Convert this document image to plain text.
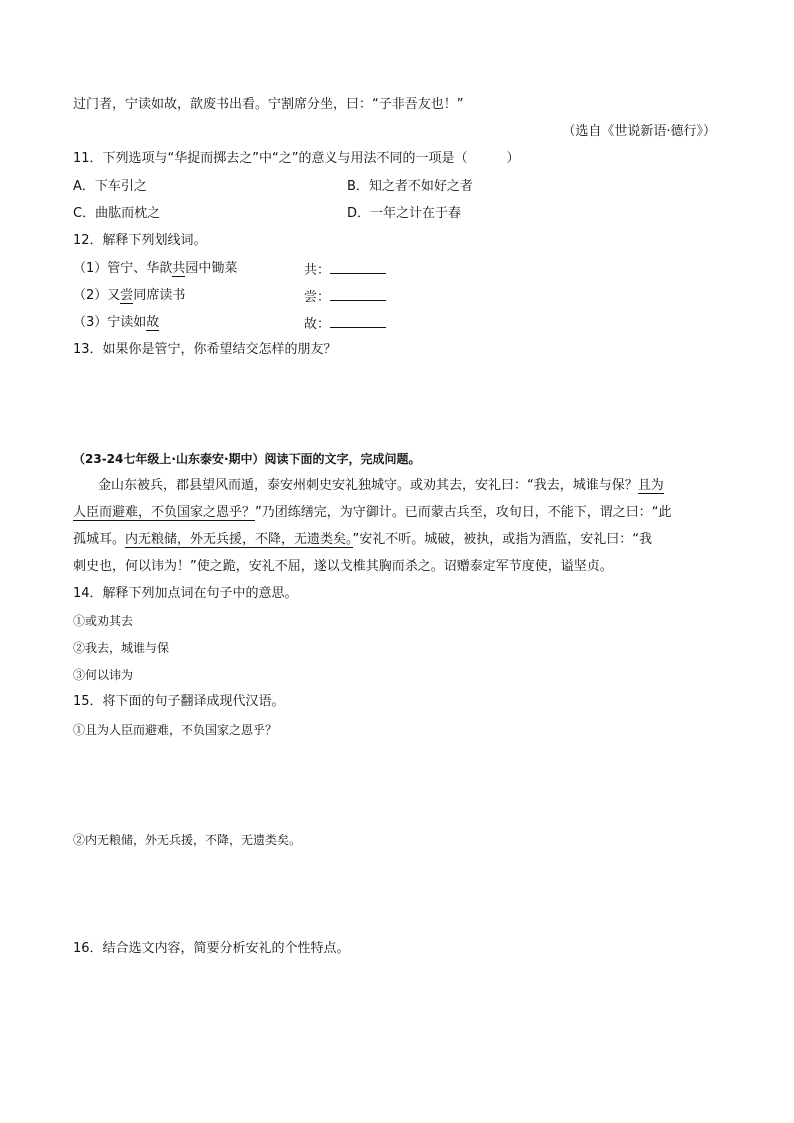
过门者，宁读如故，歆废书出看。宁割席分坐，曰：“子非吾友也！”
（选自《世说新语·德行》）
11．下列选项与“华捉而掷去之”中“之”的意义与用法不同的一项是（　　　）
A．下车引之	B．知之者不如好之者
C．曲肱而枕之	D．一年之计在于春
12．解释下列划线词。
（1）管宁、华歆共园中锄菜	共：
（2）又尝同席读书	尝：
（3）宁读如故	故：
13．如果你是管宁，你希望结交怎样的朋友？
（23-24七年级上·山东泰安·期中）阅读下面的文字，完成问题。
金山东被兵，郡县望风而遁，泰安州刺史安礼独城守。或劝其去，安礼曰：“我去，城谁与保？且为
人臣而避难，不负国家之恩乎？”乃团练缮完，为守御计。已而蒙古兵至，攻旬日，不能下，谓之曰：“此
孤城耳。内无粮储，外无兵援，不降，无遗类矣。”安礼不听。城破，被执，或指为酒监，安礼曰：“我
刺史也，何以讳为！”使之跪，安礼不屈，遂以戈椎其胸而杀之。诏赠泰定军节度使，谥坚贞。
14．解释下列加点词在句子中的意思。
①或劝其去
②我去，城谁与保
③何以讳为
15．将下面的句子翻译成现代汉语。
①且为人臣而避难，不负国家之恩乎？
②内无粮储，外无兵援，不降，无遗类矣。
16．结合选文内容，简要分析安礼的个性特点。
